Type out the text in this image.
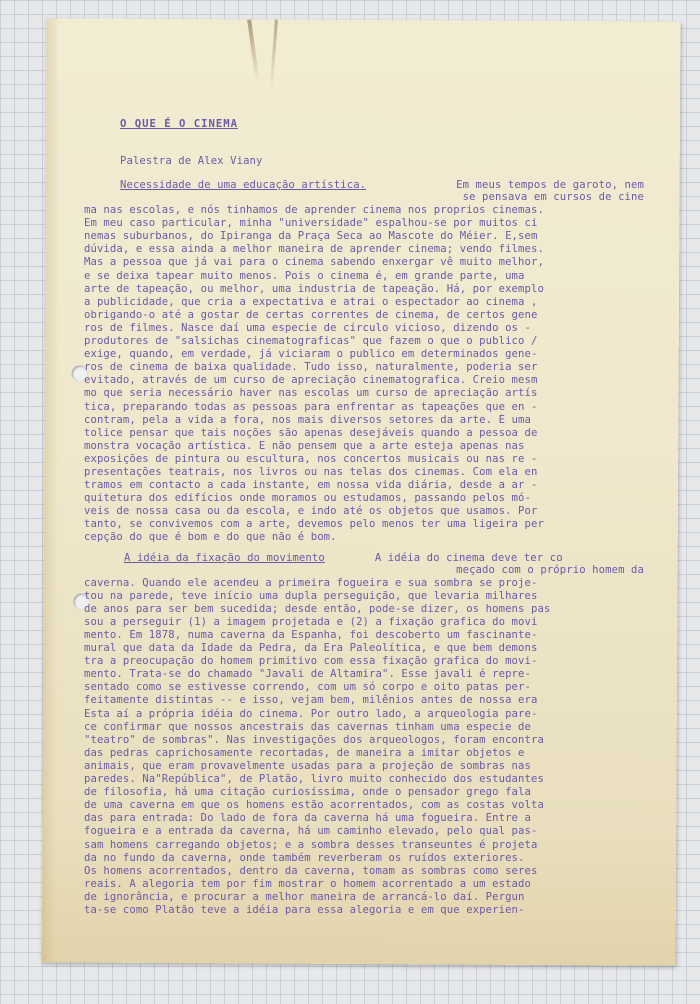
O QUE É O CINEMA
Palestra de Alex Viany
Necessidade de uma educação artística.	Em meus tempos de garoto, nem
se pensava em cursos de cine
ma nas escolas, e nós tinhamos de aprender cinema nos proprios cinemas.
Em meu caso particular, minha "universidade" espalhou-se por muitos ci
nemas suburbanos, do Ipiranga da Praça Seca ao Mascote do Méier. E,sem
dúvida, e essa ainda a melhor maneira de aprender cinema; vendo filmes.
Mas a pessoa que já vai para o cinema sabendo enxergar vê muito melhor,
e se deixa tapear muito menos. Pois o cinema é, em grande parte, uma
arte de tapeação, ou melhor, uma industria de tapeação. Há, por exemplo
a publicidade, que cria a expectativa e atrai o espectador ao cinema ,
obrigando-o até a gostar de certas correntes de cinema, de certos gene
ros de filmes. Nasce daí uma especie de círculo vicioso, dizendo os -
produtores de "salsichas cinematograficas" que fazem o que o publico /
exige, quando, em verdade, já viciaram o publico em determinados gene-
ros de cinema de baixa qualidade. Tudo isso, naturalmente, poderia ser
evitado, através de um curso de apreciação cinematografica. Creio mesm
mo que seria necessário haver nas escolas um curso de apreciação artís
tica, preparando todas as pessoas para enfrentar as tapeações que en -
contram, pela a vida a fora, nos mais diversos setores da arte. É uma
tolice pensar que tais noções são apenas desejáveis quando a pessoa de
monstra vocação artística. E não pensem que a arte esteja apenas nas
exposições de pintura ou escultura, nos concertos musicais ou nas re -
presentações teatrais, nos livros ou nas telas dos cinemas. Com ela en
tramos em contacto a cada instante, em nossa vida diária, desde a ar -
quitetura dos edifícios onde moramos ou estudamos, passando pelos mó-
veis de nossa casa ou da escola, e indo até os objetos que usamos. Por
tanto, se convivemos com a arte, devemos pelo menos ter uma ligeira per
cepção do que é bom e do que não é bom.
A idéia da fixação do movimento	A idéia do cinema deve ter co
meçado com o próprio homem da
caverna. Quando ele acendeu a primeira fogueira e sua sombra se proje-
tou na parede, teve início uma dupla perseguição, que levaria milhares
de anos para ser bem sucedida; desde então, pode-se dizer, os homens pas
sou a perseguir (1) a imagem projetada e (2) a fixação grafica do movi
mento. Em 1878, numa caverna da Espanha, foi descoberto um fascinante-
mural que data da Idade da Pedra, da Era Paleolítica, e que bem demons
tra a preocupação do homem primitivo com essa fixação grafica do movi-
mento. Trata-se do chamado "Javali de Altamira". Esse javali é repre-
sentado como se estivesse correndo, com um só corpo e oito patas per-
feitamente distintas -- e isso, vejam bem, milênios antes de nossa era
Esta aí a própria idéia do cinema. Por outro lado, a arqueologia pare-
ce confirmar que nossos ancestrais das cavernas tinham uma especie de
"teatro" de sombras". Nas investigações dos arqueologos, foram encontra
das pedras caprichosamente recortadas, de maneira a imitar objetos e
animais, que eram provavelmente usadas para a projeção de sombras nas
paredes. Na"República", de Platão, livro muito conhecido dos estudantes
de filosofia, há uma citação curiosíssima, onde o pensador grego fala
de uma caverna em que os homens estão acorrentados, com as costas volta
das para entrada: Do lado de fora da caverna há uma fogueira. Entre a
fogueira e a entrada da caverna, há um caminho elevado, pelo qual pas-
sam homens carregando objetos; e a sombra desses transeuntes é projeta
da no fundo da caverna, onde também reverberam os ruídos exteriores.
Os homens acorrentados, dentro da caverna, tomam as sombras como seres
reais. A alegoria tem por fim mostrar o homem acorrentado a um estado
de ignorância, e procurar a melhor maneira de arrancá-lo daí. Pergun
ta-se como Platão teve a idéia para essa alegoria e em que experien-
